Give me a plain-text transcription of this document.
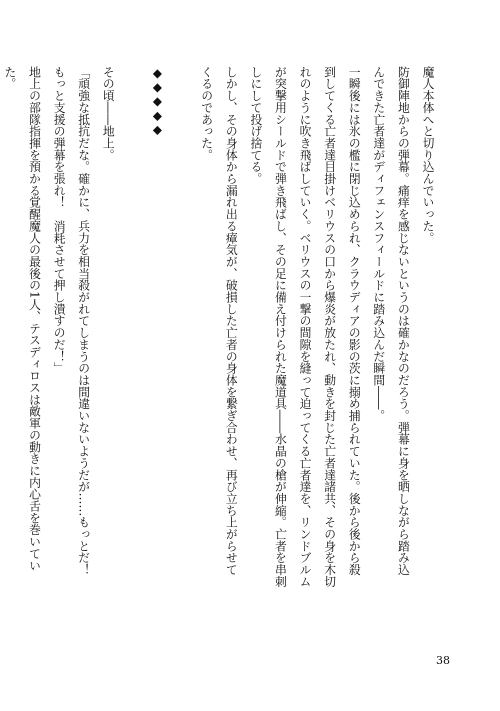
魔人本体へと切り込んでいった。
防御陣地からの弾幕。痛痒を感じないというのは確かなのだろう。弾幕に身を晒しながら踏み込
んできた亡者達がディフェンスフィールドに踏み込んだ瞬間――。
一瞬後には氷の檻に閉じ込められ、クラウディアの影の茨に搦め捕られていた。後から後から殺
到してくる亡者達目掛けベリウスの口から爆炎が放たれ、動きを封じた亡者達諸共、その身を木切
れのように吹き飛ばしていく。ベリウスの一撃の間隙を縫って迫ってくる亡者達を、リンドブルム
が突撃用シールドで弾き飛ばし、その足に備え付けられた魔道具――水晶の槍が伸縮。亡者を串刺
しにして投げ捨てる。
しかし、その身体から漏れ出る瘴気が、破損した亡者の身体を繋ぎ合わせ、再び立ち上がらせて
くるのであった。
◆◆◆◆◆
その頃――地上。
「頑強な抵抗だな。確かに、兵力を相当殺がれてしまうのは間違いないようだが……もっとだ！
もっと支援の弾幕を張れ！　消耗させて押し潰すのだ！」
地上の部隊指揮を預かる覚醒魔人の最後の1人、テスディロスは敵軍の動きに内心舌を巻いてい
た。
38
